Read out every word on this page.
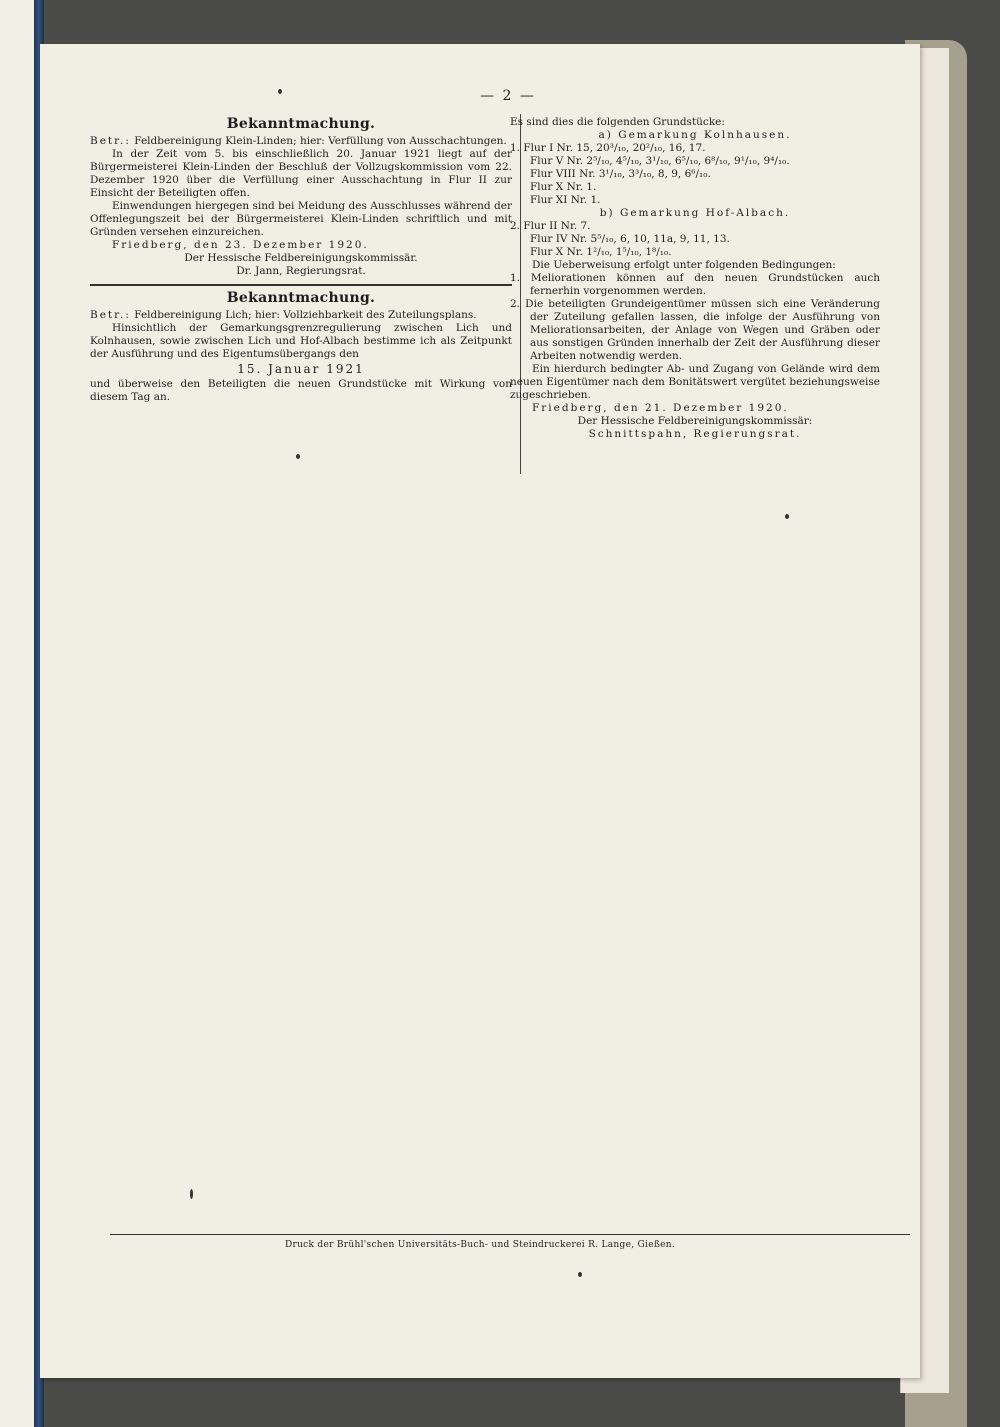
— 2 —
Bekanntmachung.

Betr.: Feldbereinigung Klein-Linden; hier: Verfüllung von Ausschachtungen.

In der Zeit vom 5. bis einschließlich 20. Januar 1921 liegt auf der Bürgermeisterei Klein-Linden der Beschluß der Vollzugskommission vom 22. Dezember 1920 über die Verfüllung einer Ausschachtung in Flur II zur Einsicht der Beteiligten offen.

Einwendungen hiergegen sind bei Meidung des Ausschlusses während der Offenlegungszeit bei der Bürgermeisterei Klein-Linden schriftlich und mit Gründen versehen einzureichen.

Friedberg, den 23. Dezember 1920.

Der Hessische Feldbereinigungskommissär.

Dr. Jann, Regierungsrat.

Bekanntmachung.

Betr.: Feldbereinigung Lich; hier: Vollziehbarkeit des Zuteilungsplans.

Hinsichtlich der Gemarkungsgrenzregulierung zwischen Lich und Kolnhausen, sowie zwischen Lich und Hof-Albach bestimme ich als Zeitpunkt der Ausführung und des Eigentumsübergangs den

15. Januar 1921

und überweise den Beteiligten die neuen Grundstücke mit Wirkung von diesem Tag an.

Es sind dies die folgenden Grundstücke:

a) Gemarkung Kolnhausen.

1. Flur I Nr. 15, 20³/₁₀, 20²/₁₀, 16, 17.

Flur V Nr. 2⁵/₁₀, 4⁵/₁₀, 3¹/₁₀, 6⁵/₁₀, 6⁸/₁₀, 9¹/₁₀, 9⁴/₁₀.

Flur VIII Nr. 3¹/₁₀, 3³/₁₀, 8, 9, 6⁶/₁₀.

Flur X Nr. 1.

Flur XI Nr. 1.

b) Gemarkung Hof-Albach.

2. Flur II Nr. 7.

Flur IV Nr. 5⁵/₁₀, 6, 10, 11a, 9, 11, 13.

Flur X Nr. 1²/₁₀, 1⁵/₁₀, 1⁸/₁₀.

Die Ueberweisung erfolgt unter folgenden Bedingungen:

1. Meliorationen können auf den neuen Grundstücken auch fernerhin vorgenommen werden.

2. Die beteiligten Grundeigentümer müssen sich eine Veränderung der Zuteilung gefallen lassen, die infolge der Ausführung von Meliorationsarbeiten, der Anlage von Wegen und Gräben oder aus sonstigen Gründen innerhalb der Zeit der Ausführung dieser Arbeiten notwendig werden.

Ein hierdurch bedingter Ab- und Zugang von Gelände wird dem neuen Eigentümer nach dem Bonitätswert vergütet beziehungsweise zugeschrieben.

Friedberg, den 21. Dezember 1920.

Der Hessische Feldbereinigungskommissär:

Schnittspahn, Regierungsrat.

Druck der Brühl'schen Universitäts-Buch- und Steindruckerei R. Lange, Gießen.
